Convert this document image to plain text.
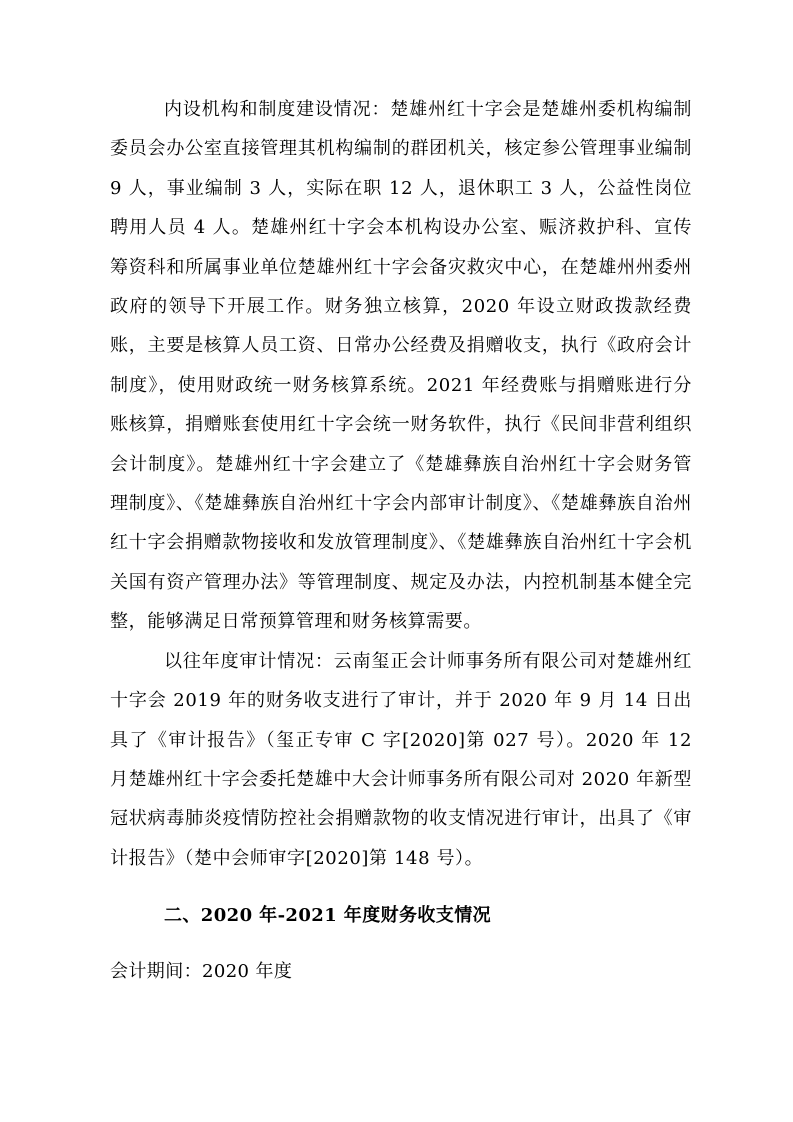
内设机构和制度建设情况：楚雄州红十字会是楚雄州委机构编制委员会办公室直接管理其机构编制的群团机关，核定参公管理事业编制 9 人，事业编制 3 人，实际在职 12 人，退休职工 3 人，公益性岗位聘用人员 4 人。楚雄州红十字会本机构设办公室、赈济救护科、宣传筹资科和所属事业单位楚雄州红十字会备灾救灾中心，在楚雄州州委州政府的领导下开展工作。财务独立核算，2020 年设立财政拨款经费账，主要是核算人员工资、日常办公经费及捐赠收支，执行《政府会计制度》，使用财政统一财务核算系统。2021 年经费账与捐赠账进行分账核算，捐赠账套使用红十字会统一财务软件，执行《民间非营利组织会计制度》。楚雄州红十字会建立了《楚雄彝族自治州红十字会财务管理制度》、《楚雄彝族自治州红十字会内部审计制度》、《楚雄彝族自治州红十字会捐赠款物接收和发放管理制度》、《楚雄彝族自治州红十字会机关国有资产管理办法》等管理制度、规定及办法，内控机制基本健全完整，能够满足日常预算管理和财务核算需要。

以往年度审计情况：云南玺正会计师事务所有限公司对楚雄州红十字会 2019 年的财务收支进行了审计，并于 2020 年 9 月 14 日出具了《审计报告》（玺正专审 C 字[2020]第 027 号）。2020 年 12 月楚雄州红十字会委托楚雄中大会计师事务所有限公司对 2020 年新型冠状病毒肺炎疫情防控社会捐赠款物的收支情况进行审计，出具了《审计报告》（楚中会师审字[2020]第 148 号）。

二、2020 年-2021 年度财务收支情况

会计期间：2020 年度
